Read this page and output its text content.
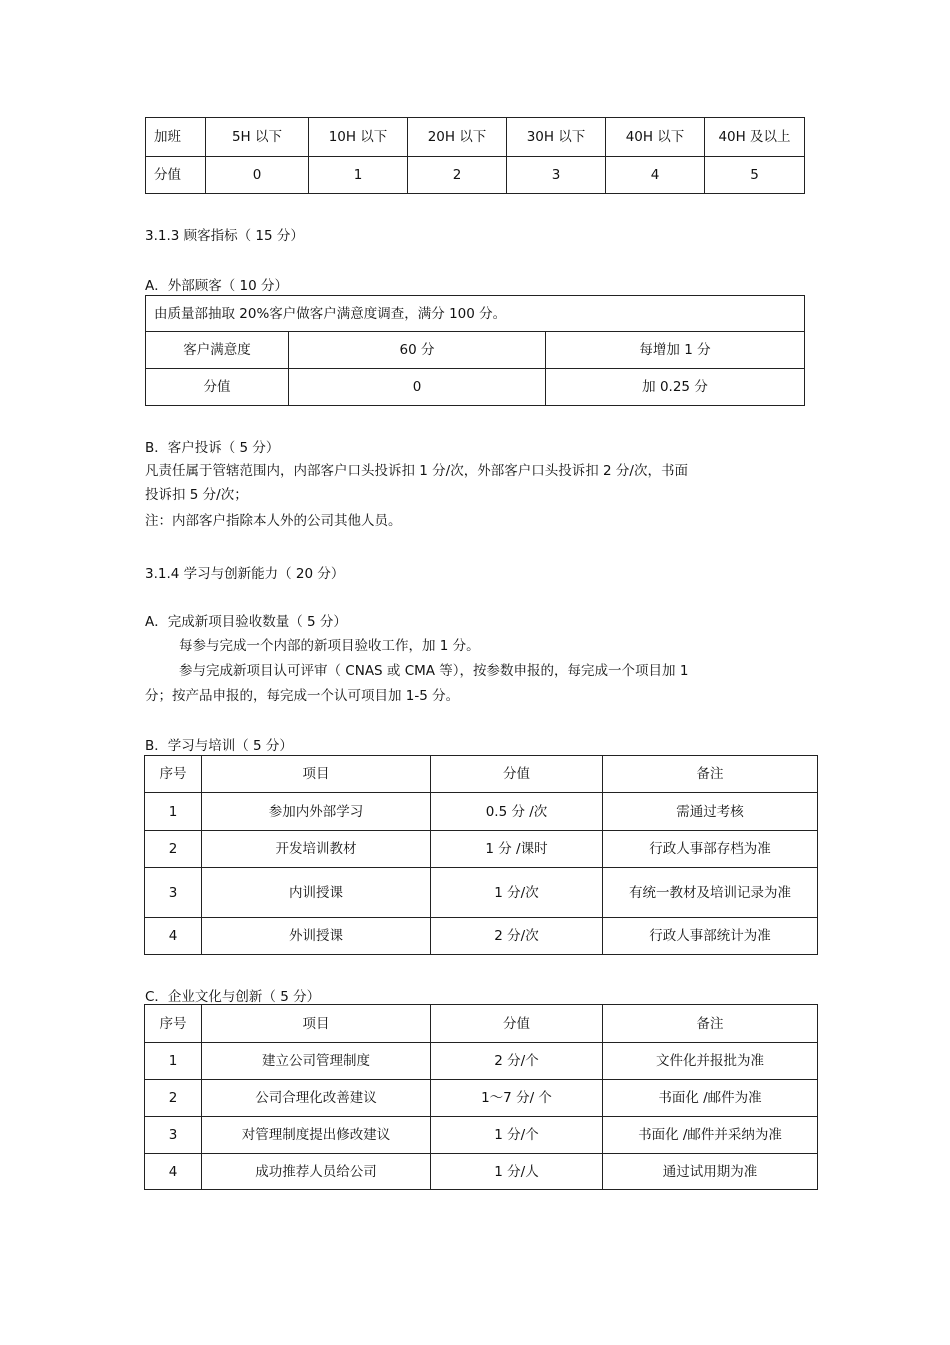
加班	5H 以下	10H 以下	20H 以下	30H 以下	40H 以下	40H 及以上
分值	0	1	2	3	4	5
3.1.3 顾客指标（ 15 分）
A．外部顾客（ 10 分）
由质量部抽取 20%客户做客户满意度调查，满分 100 分。		
客户满意度	60 分	每增加 1 分
分值	0	加 0.25 分
B．客户投诉（ 5 分）
凡责任属于管辖范围内，内部客户口头投诉扣 1 分/次，外部客户口头投诉扣 2 分/次，书面
投诉扣 5 分/次；
注：内部客户指除本人外的公司其他人员。
3.1.4 学习与创新能力（ 20 分）
A．完成新项目验收数量（ 5 分）
每参与完成一个内部的新项目验收工作，加 1 分。
参与完成新项目认可评审（ CNAS 或 CMA 等），按参数申报的，每完成一个项目加 1
分；按产品申报的，每完成一个认可项目加 1-5 分。
B．学习与培训（ 5 分）
序号	项目	分值	备注
1	参加内外部学习	0.5 分 /次	需通过考核
2	开发培训教材	1 分 /课时	行政人事部存档为准
3	内训授课	1 分/次	有统一教材及培训记录为准
4	外训授课	2 分/次	行政人事部统计为准
C．企业文化与创新（ 5 分）
序号	项目	分值	备注
1	建立公司管理制度	2 分/个	文件化并报批为准
2	公司合理化改善建议	1～7 分/ 个	书面化 /邮件为准
3	对管理制度提出修改建议	1 分/个	书面化 /邮件并采纳为准
4	成功推荐人员给公司	1 分/人	通过试用期为准
